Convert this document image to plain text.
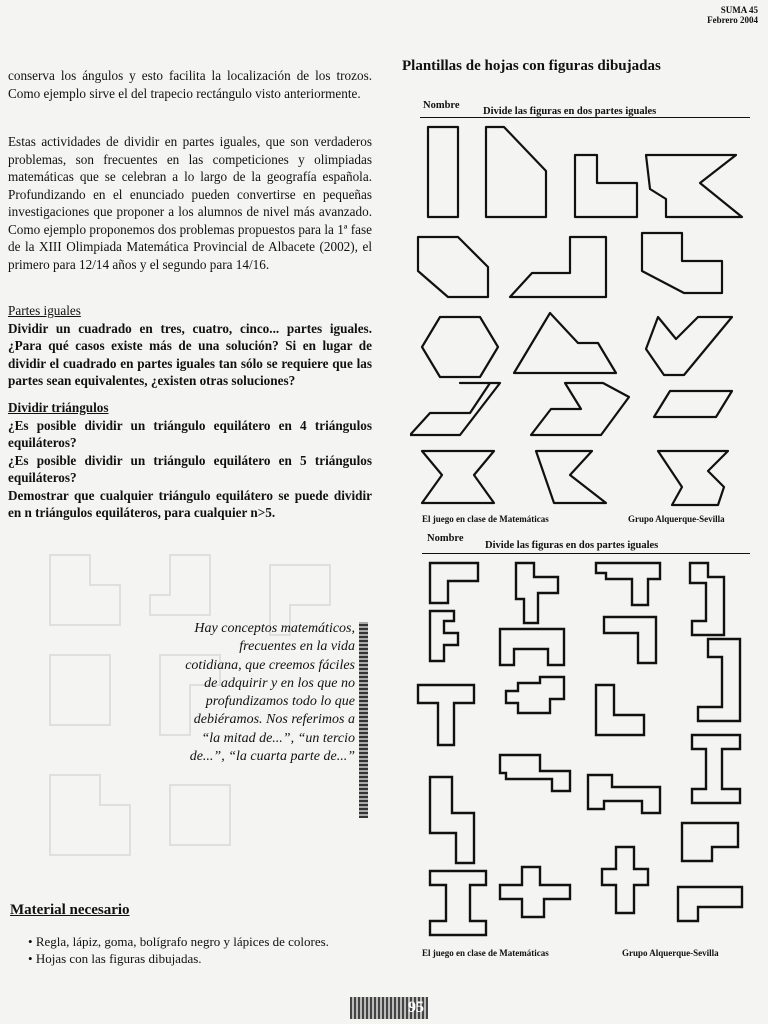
SUMA 45
Febrero 2004

conserva los ángulos y esto facilita la localización de los trozos. Como ejemplo sirve el del trapecio rectángulo visto anteriormente.

Estas actividades de dividir en partes iguales, que son verdaderos problemas, son frecuentes en las competiciones y olimpiadas matemáticas que se celebran a lo largo de la geografía española. Profundizando en el enunciado pueden convertirse en pequeñas investigaciones que proponer a los alumnos de nivel más avanzado. Como ejemplo proponemos dos problemas propuestos para la 1ª fase de la XIII Olimpiada Matemática Provincial de Albacete (2002), el primero para 12/14 años y el segundo para 14/16.

Partes iguales

Dividir un cuadrado en tres, cuatro, cinco... partes iguales. ¿Para qué casos existe más de una solución? Si en lugar de dividir el cuadrado en partes iguales tan sólo se requiere que las partes sean equivalentes, ¿existen otras soluciones?

Dividir triángulos

¿Es posible dividir un triángulo equilátero en 4 triángulos equiláteros?

¿Es posible dividir un triángulo equilátero en 5 triángulos equiláteros?

Demostrar que cualquier triángulo equilátero se puede dividir en n triángulos equiláteros, para cualquier n>5.

Hay conceptos matemáticos, frecuentes en la vida cotidiana, que creemos fáciles de adquirir y en los que no profundizamos todo lo que debiéramos. Nos referimos a “la mitad de...”, “un tercio de...”, “la cuarta parte de...”
Material necesario
• Regla, lápiz, goma, bolígrafo negro y lápices de colores.
• Hojas con las figuras dibujadas.
Plantillas de hojas con figuras dibujadas
Nombre
Divide las figuras en dos partes iguales
El juego en clase de Matemáticas	Grupo Alquerque-Sevilla
Nombre
Divide las figuras en dos partes iguales
El juego en clase de Matemáticas	Grupo Alquerque-Sevilla
95
